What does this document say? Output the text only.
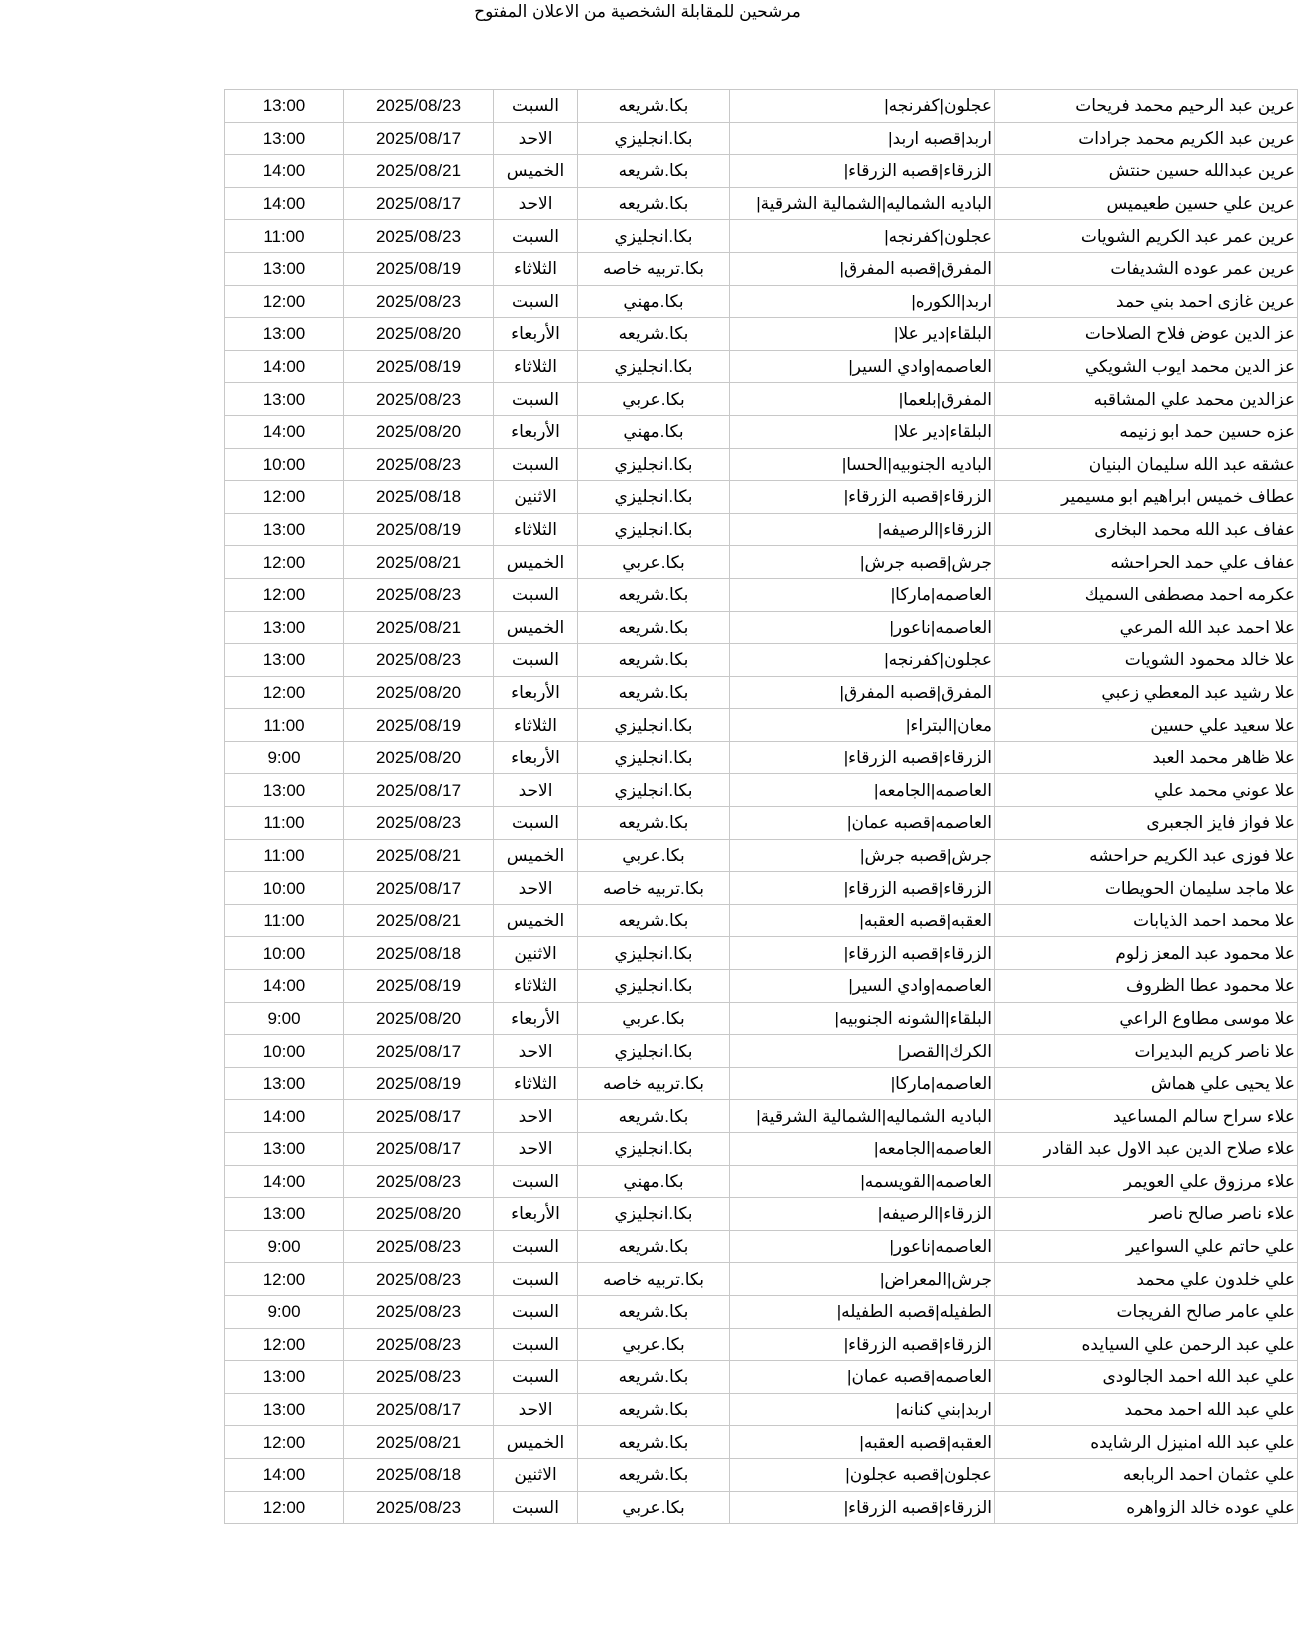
مرشحين للمقابلة الشخصية من الاعلان المفتوح
عرين عبد الرحيم محمد فريحات	عجلون|كفرنجه|	بكا.شريعه	السبت	2025/08/23	13:00
عرين عبد الكريم محمد جرادات	اربد|قصبه اربد|	بكا.انجليزي	الاحد	2025/08/17	13:00
عرين عبدالله حسين حنتش	الزرقاء|قصبه الزرقاء|	بكا.شريعه	الخميس	2025/08/21	14:00
عرين علي حسين طعيميس	الباديه الشماليه|الشمالية الشرقية|	بكا.شريعه	الاحد	2025/08/17	14:00
عرين عمر عبد الكريم الشويات	عجلون|كفرنجه|	بكا.انجليزي	السبت	2025/08/23	11:00
عرين عمر عوده الشديفات	المفرق|قصبه المفرق|	بكا.تربيه خاصه	الثلاثاء	2025/08/19	13:00
عرين غازى احمد بني حمد	اربد|الكوره|	بكا.مهني	السبت	2025/08/23	12:00
عز الدين عوض فلاح الصلاحات	البلقاء|دير علا|	بكا.شريعه	الأربعاء	2025/08/20	13:00
عز الدين محمد ايوب الشويكي	العاصمه|وادي السير|	بكا.انجليزي	الثلاثاء	2025/08/19	14:00
عزالدين محمد علي المشاقبه	المفرق|بلعما|	بكا.عربي	السبت	2025/08/23	13:00
عزه حسين حمد ابو زنيمه	البلقاء|دير علا|	بكا.مهني	الأربعاء	2025/08/20	14:00
عشقه عبد الله سليمان البنيان	الباديه الجنوبيه|الحسا|	بكا.انجليزي	السبت	2025/08/23	10:00
عطاف خميس ابراهيم ابو مسيمير	الزرقاء|قصبه الزرقاء|	بكا.انجليزي	الاثنين	2025/08/18	12:00
عفاف عبد الله محمد البخارى	الزرقاء|الرصيفه|	بكا.انجليزي	الثلاثاء	2025/08/19	13:00
عفاف علي حمد الحراحشه	جرش|قصبه جرش|	بكا.عربي	الخميس	2025/08/21	12:00
عكرمه احمد مصطفى السميك	العاصمه|ماركا|	بكا.شريعه	السبت	2025/08/23	12:00
علا احمد عبد الله المرعي	العاصمه|ناعور|	بكا.شريعه	الخميس	2025/08/21	13:00
علا خالد محمود الشويات	عجلون|كفرنجه|	بكا.شريعه	السبت	2025/08/23	13:00
علا رشيد عبد المعطي زعبي	المفرق|قصبه المفرق|	بكا.شريعه	الأربعاء	2025/08/20	12:00
علا سعيد علي حسين	معان|البتراء|	بكا.انجليزي	الثلاثاء	2025/08/19	11:00
علا ظاهر محمد العبد	الزرقاء|قصبه الزرقاء|	بكا.انجليزي	الأربعاء	2025/08/20	9:00
علا عوني محمد علي	العاصمه|الجامعه|	بكا.انجليزي	الاحد	2025/08/17	13:00
علا فواز فايز الجعبرى	العاصمه|قصبه عمان|	بكا.شريعه	السبت	2025/08/23	11:00
علا فوزى عبد الكريم حراحشه	جرش|قصبه جرش|	بكا.عربي	الخميس	2025/08/21	11:00
علا ماجد سليمان الحويطات	الزرقاء|قصبه الزرقاء|	بكا.تربيه خاصه	الاحد	2025/08/17	10:00
علا محمد احمد الذيابات	العقبه|قصبه العقبه|	بكا.شريعه	الخميس	2025/08/21	11:00
علا محمود عبد المعز زلوم	الزرقاء|قصبه الزرقاء|	بكا.انجليزي	الاثنين	2025/08/18	10:00
علا محمود عطا الظروف	العاصمه|وادي السير|	بكا.انجليزي	الثلاثاء	2025/08/19	14:00
علا موسى مطاوع الراعي	البلقاء|الشونه الجنوبيه|	بكا.عربي	الأربعاء	2025/08/20	9:00
علا ناصر كريم البديرات	الكرك|القصر|	بكا.انجليزي	الاحد	2025/08/17	10:00
علا يحيى علي هماش	العاصمه|ماركا|	بكا.تربيه خاصه	الثلاثاء	2025/08/19	13:00
علاء سراح سالم المساعيد	الباديه الشماليه|الشمالية الشرقية|	بكا.شريعه	الاحد	2025/08/17	14:00
علاء صلاح الدين عبد الاول عبد القادر	العاصمه|الجامعه|	بكا.انجليزي	الاحد	2025/08/17	13:00
علاء مرزوق علي العويمر	العاصمه|القويسمه|	بكا.مهني	السبت	2025/08/23	14:00
علاء ناصر صالح ناصر	الزرقاء|الرصيفه|	بكا.انجليزي	الأربعاء	2025/08/20	13:00
علي حاتم علي السواعير	العاصمه|ناعور|	بكا.شريعه	السبت	2025/08/23	9:00
علي خلدون علي محمد	جرش|المعراض|	بكا.تربيه خاصه	السبت	2025/08/23	12:00
علي عامر صالح الفريجات	الطفيله|قصبه الطفيله|	بكا.شريعه	السبت	2025/08/23	9:00
علي عبد الرحمن علي السيايده	الزرقاء|قصبه الزرقاء|	بكا.عربي	السبت	2025/08/23	12:00
علي عبد الله احمد الجالودى	العاصمه|قصبه عمان|	بكا.شريعه	السبت	2025/08/23	13:00
علي عبد الله احمد محمد	اربد|بني كنانه|	بكا.شريعه	الاحد	2025/08/17	13:00
علي عبد الله امنيزل الرشايده	العقبه|قصبه العقبه|	بكا.شريعه	الخميس	2025/08/21	12:00
علي عثمان احمد الربابعه	عجلون|قصبه عجلون|	بكا.شريعه	الاثنين	2025/08/18	14:00
علي عوده خالد الزواهره	الزرقاء|قصبه الزرقاء|	بكا.عربي	السبت	2025/08/23	12:00
